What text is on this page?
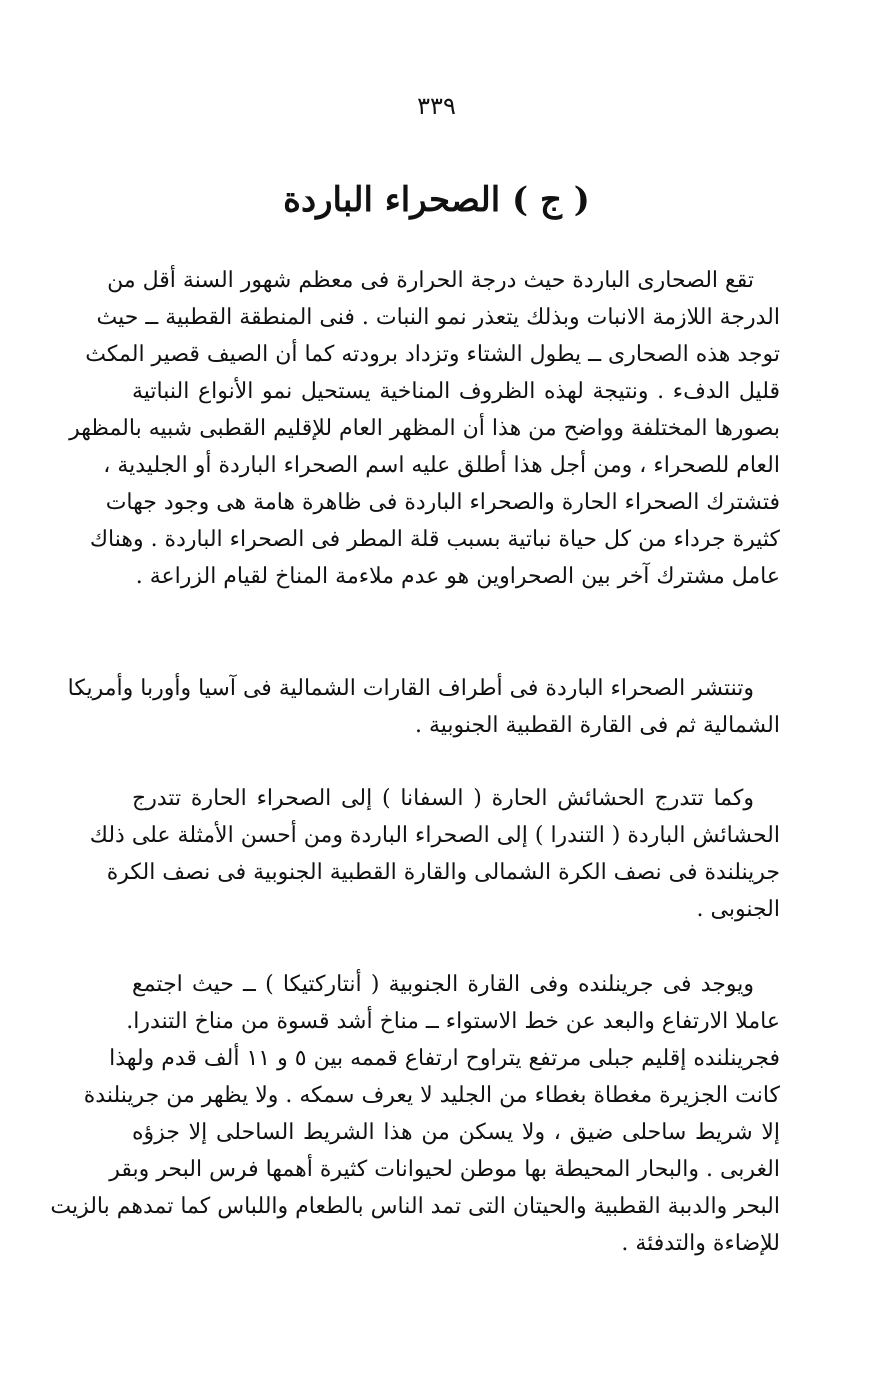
٣٣٩
( ج ) الصحراء الباردة
تقع الصحارى الباردة حيث درجة الحرارة فى معظم شهور السنة أقل من
الدرجة اللازمة الانبات وبذلك يتعذر نمو النبات . فنى المنطقة القطبية ــ حيث
توجد هذه الصحارى ــ يطول الشتاء وتزداد برودته كما أن الصيف قصير المكث
قليل الدفء . ونتيجة لهذه الظروف المناخية يستحيل نمو الأنواع النباتية
بصورها المختلفة وواضح من هذا أن المظهر العام للإقليم القطبى شبيه بالمظهر
العام للصحراء ، ومن أجل هذا أطلق عليه اسم الصحراء الباردة أو الجليدية ،
فتشترك الصحراء الحارة والصحراء الباردة فى ظاهرة هامة هى وجود جهات
كثيرة جرداء من كل حياة نباتية بسبب قلة المطر فى الصحراء الباردة . وهناك
عامل مشترك آخر بين الصحراوين هو عدم ملاءمة المناخ لقيام الزراعة .
وتنتشر الصحراء الباردة فى أطراف القارات الشمالية فى آسيا وأوربا وأمريكا
الشمالية ثم فى القارة القطبية الجنوبية .
وكما تتدرج الحشائش الحارة ( السفانا ) إلى الصحراء الحارة تتدرج
الحشائش الباردة ( التندرا ) إلى الصحراء الباردة ومن أحسن الأمثلة على ذلك
جرينلندة فى نصف الكرة الشمالى والقارة القطبية الجنوبية فى نصف الكرة
الجنوبى .
ويوجد فى جرينلنده وفى القارة الجنوبية ( أنتاركتيكا ) ــ حيث اجتمع
عاملا الارتفاع والبعد عن خط الاستواء ــ مناخ أشد قسوة من مناخ التندرا.
فجرينلنده إقليم جبلى مرتفع يتراوح ارتفاع قممه بين ٥ و ١١ ألف قدم ولهذا
كانت الجزيرة مغطاة بغطاء من الجليد لا يعرف سمكه . ولا يظهر من جرينلندة
إلا شريط ساحلى ضيق ، ولا يسكن من هذا الشريط الساحلى إلا جزؤه
الغربى . والبحار المحيطة بها موطن لحيوانات كثيرة أهمها فرس البحر وبقر
البحر والدببة القطبية والحيتان التى تمد الناس بالطعام واللباس كما تمدهم بالزيت
للإضاءة والتدفئة .
